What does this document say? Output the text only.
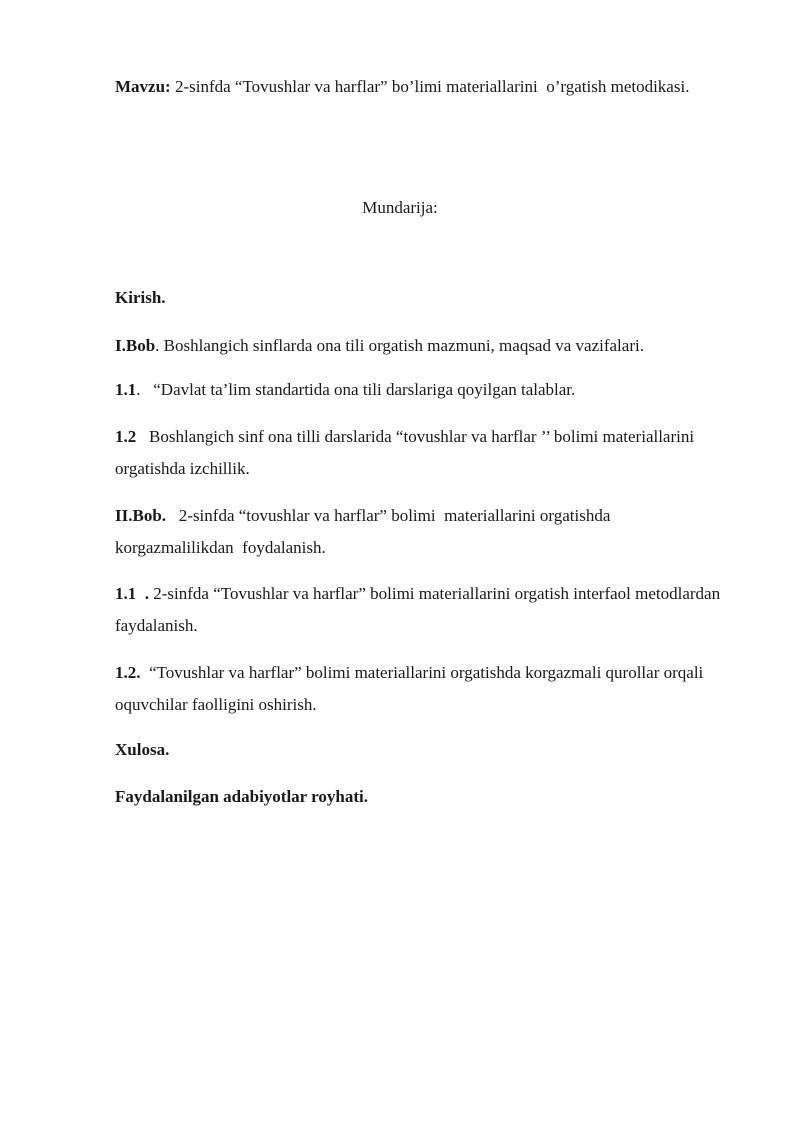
Mavzu: 2-sinfda “Tovushlar va harflar” bo’limi materiallarini  o’rgatish metodikasi.
Mundarija:
Kirish.
I.Bob. Boshlangich sinflarda ona tili orgatish mazmuni, maqsad va vazifalari.
1.1.   “Davlat ta’lim standartida ona tili darslariga qoyilgan talablar.
1.2   Boshlangich sinf ona tilli darslarida “tovushlar va harflar ’’ bolimi materiallarini orgatishda izchillik.
II.Bob.   2-sinfda “tovushlar va harflar” bolimi  materiallarini orgatishda korgazmalilikdan  foydalanish.
1.1  . 2-sinfda “Tovushlar va harflar” bolimi materiallarini orgatish interfaol metodlardan faydalanish.
1.2.  “Tovushlar va harflar” bolimi materiallarini orgatishda korgazmali qurollar orqali oquvchilar faolligini oshirish.
Xulosa.
Faydalanilgan adabiyotlar royhati.
